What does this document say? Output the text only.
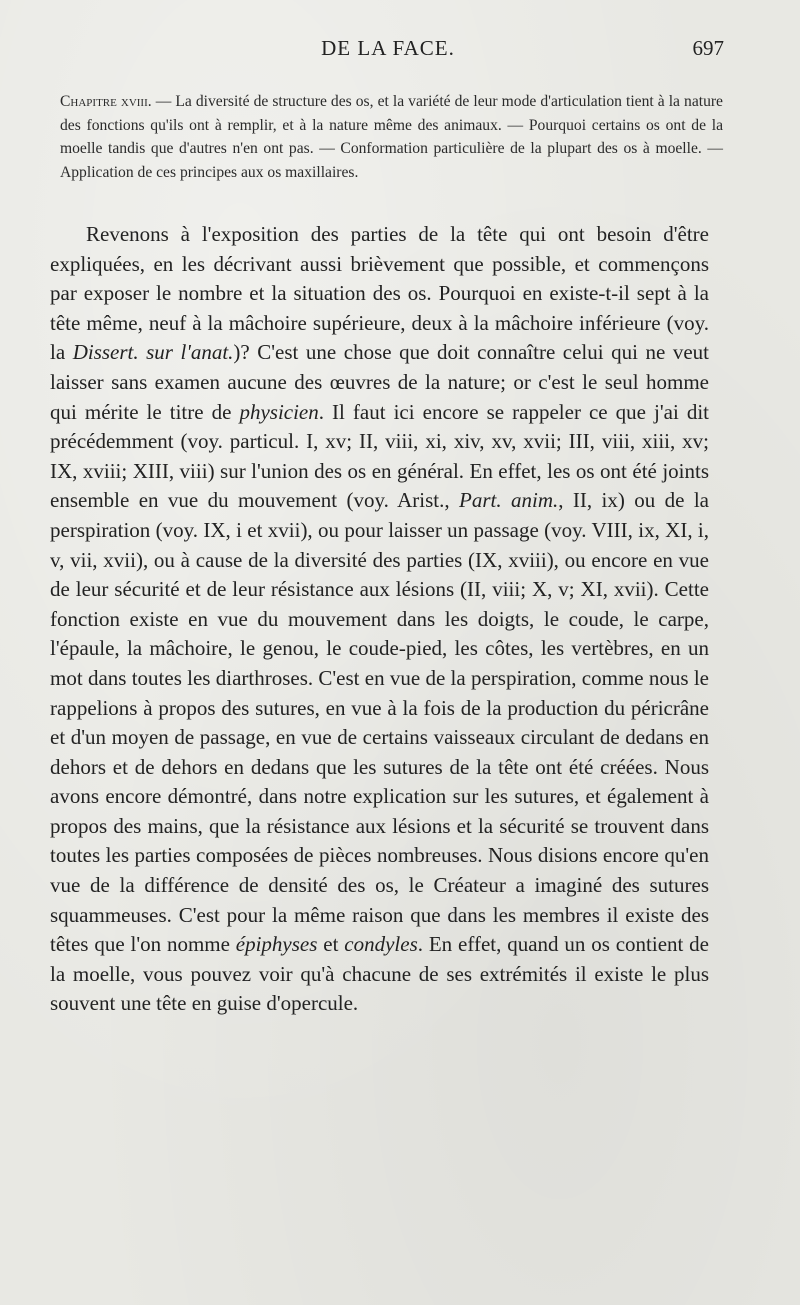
DE LA FACE.	697

Chapitre xviii. — La diversité de structure des os, et la variété de leur mode d'articulation tient à la nature des fonctions qu'ils ont à remplir, et à la nature même des animaux. — Pourquoi certains os ont de la moelle tandis que d'autres n'en ont pas. — Conformation particulière de la plupart des os à moelle. — Application de ces principes aux os maxillaires.

Revenons à l'exposition des parties de la tête qui ont besoin d'être expliquées, en les décrivant aussi brièvement que possible, et commençons par exposer le nombre et la situation des os. Pourquoi en existe-t-il sept à la tête même, neuf à la mâchoire supérieure, deux à la mâchoire inférieure (voy. la Dissert. sur l'anat.)? C'est une chose que doit connaître celui qui ne veut laisser sans examen aucune des œuvres de la nature; or c'est le seul homme qui mérite le titre de physicien. Il faut ici encore se rappeler ce que j'ai dit précédemment (voy. particul. I, xv; II, viii, xi, xiv, xv, xvii; III, viii, xiii, xv; IX, xviii; XIII, viii) sur l'union des os en général. En effet, les os ont été joints ensemble en vue du mouvement (voy. Arist., Part. anim., II, ix) ou de la perspiration (voy. IX, i et xvii), ou pour laisser un passage (voy. VIII, ix, XI, i, v, vii, xvii), ou à cause de la diversité des parties (IX, xviii), ou encore en vue de leur sécurité et de leur résistance aux lésions (II, viii; X, v; XI, xvii). Cette fonction existe en vue du mouvement dans les doigts, le coude, le carpe, l'épaule, la mâchoire, le genou, le coude-pied, les côtes, les vertèbres, en un mot dans toutes les diarthroses. C'est en vue de la perspiration, comme nous le rappelions à propos des sutures, en vue à la fois de la production du péricrâne et d'un moyen de passage, en vue de certains vaisseaux circulant de dedans en dehors et de dehors en dedans que les sutures de la tête ont été créées. Nous avons encore démontré, dans notre explication sur les sutures, et également à propos des mains, que la résistance aux lésions et la sécurité se trouvent dans toutes les parties composées de pièces nombreuses. Nous disions encore qu'en vue de la différence de densité des os, le Créateur a imaginé des sutures squammeuses. C'est pour la même raison que dans les membres il existe des têtes que l'on nomme épiphyses et condyles. En effet, quand un os contient de la moelle, vous pouvez voir qu'à chacune de ses extrémités il existe le plus souvent une tête en guise d'opercule.
